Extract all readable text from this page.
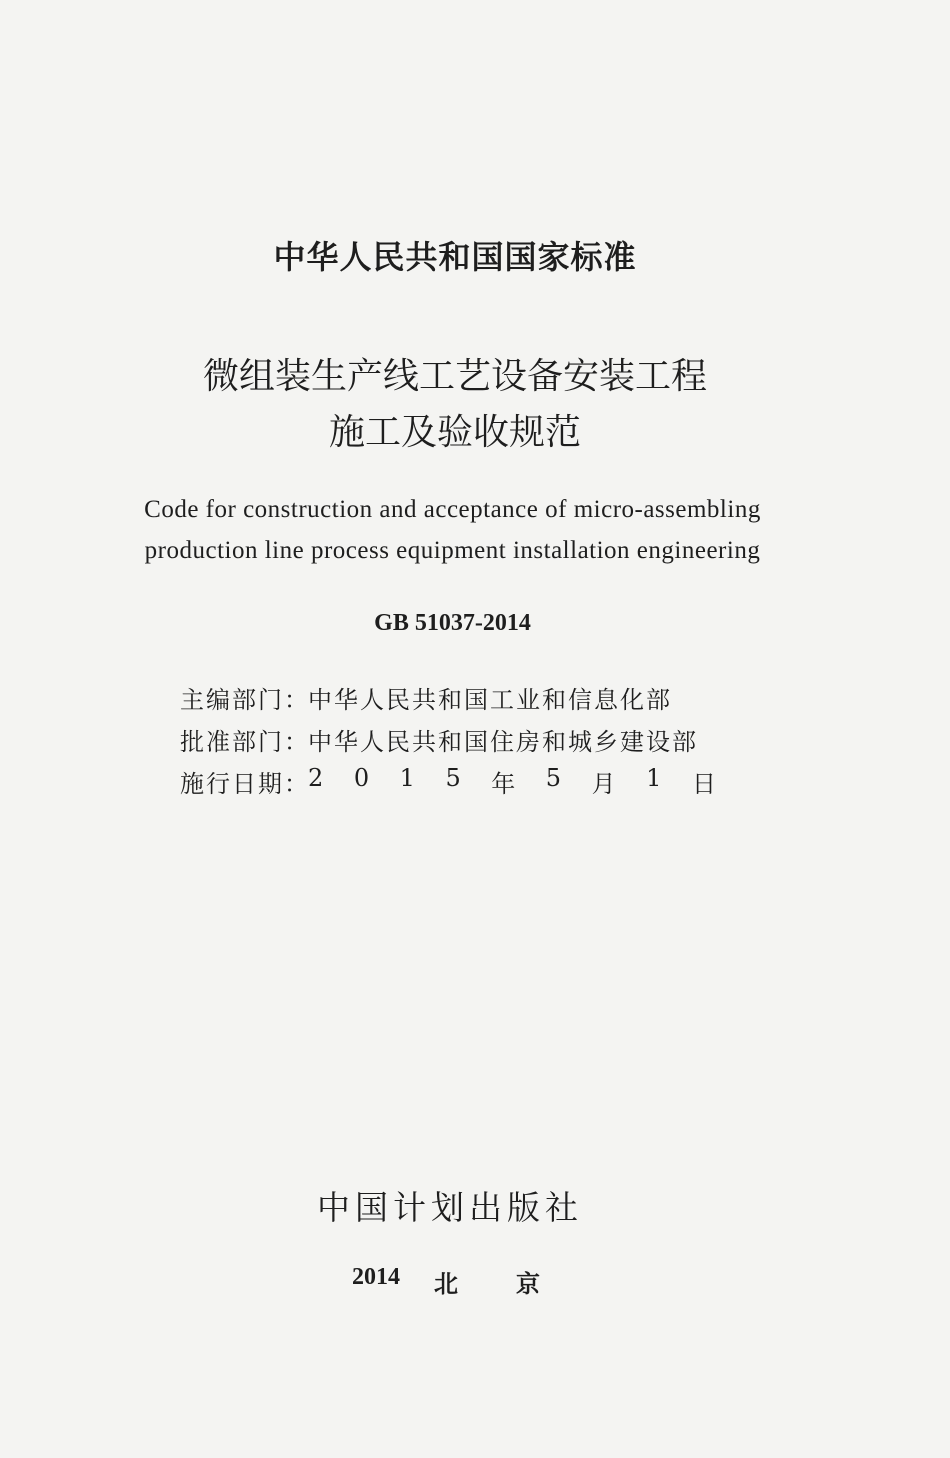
中华人民共和国国家标准
微组装生产线工艺设备安装工程
施工及验收规范
Code for construction and acceptance of micro-assembling
production line process equipment installation engineering
GB 51037-2014
主编部门：
中华人民共和国工业和信息化部
批准部门：
中华人民共和国住房和城乡建设部
施行日期：
2 0 1 5 年 5 月 1 日
中国计划出版社
2014	北	京
